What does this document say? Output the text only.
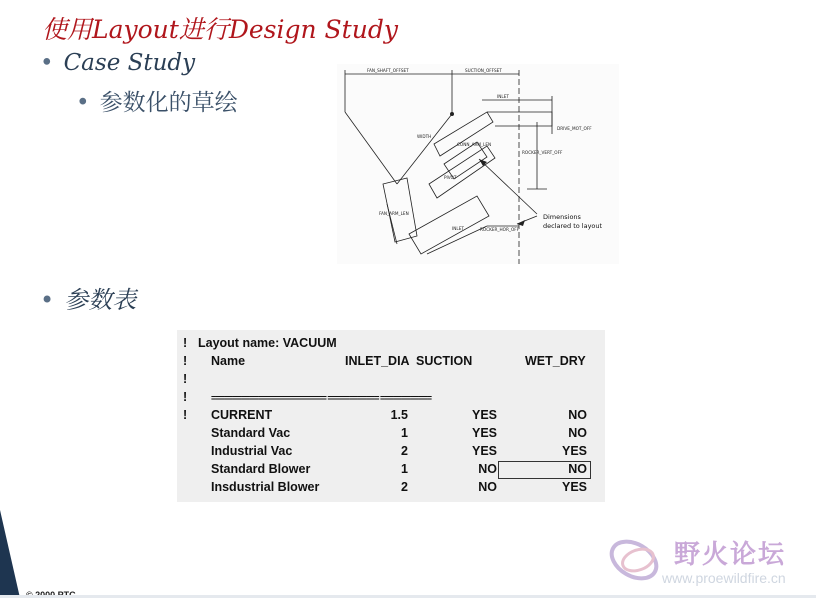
使用Layout进行Design Study
• Case Study
• 参数化的草绘
FAN_SHAFT_OFFSET	SUCTION_OFFSET
INLET
DRIVE_MOT_OFF
ROCKER_VERT_OFF
CONN_ARM_LEN
PIVOT
WIDTH
FAN_ARM_LEN
INLET	ROCKER_HOR_OFF
Dimensions
declared to layout
• 参数表
! Layout name: VACUUM
! Name	INLET_DIA SUCTION	WET_DRY
!
!	=========================== ============ ============
! CURRENT	1.5	YES	NO
Standard Vac	1	YES	NO
Industrial Vac	2	YES	YES
Standard Blower	1	NO	NO
Insdustrial Blower	2	NO	YES
野火论坛
www.proewildfire.cn
